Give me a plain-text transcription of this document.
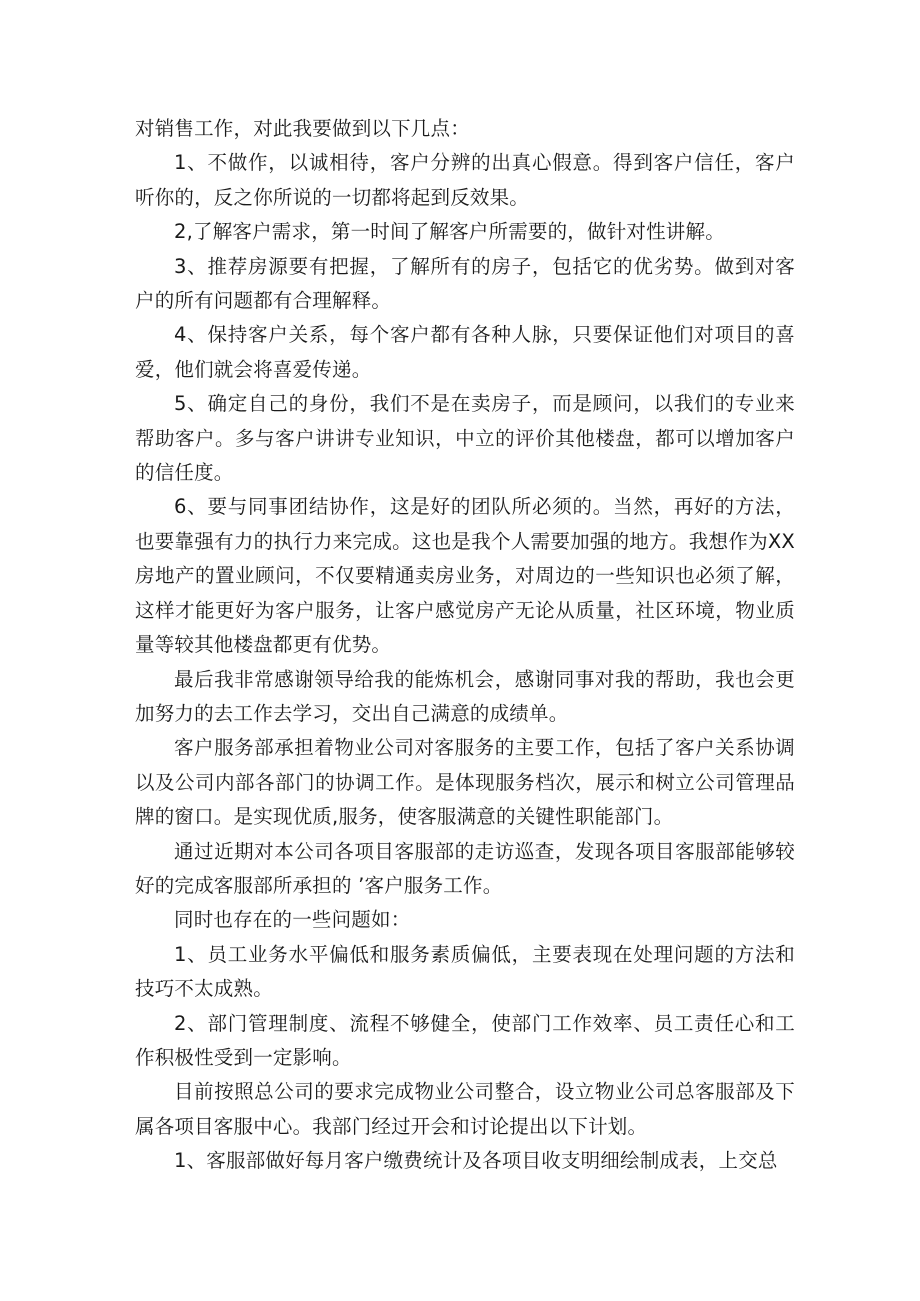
对销售工作，对此我要做到以下几点：

1、不做作，以诚相待，客户分辨的出真心假意。得到客户信任，客户听你的，反之你所说的一切都将起到反效果。

2,了解客户需求，第一时间了解客户所需要的，做针对性讲解。

3、推荐房源要有把握，了解所有的房子，包括它的优劣势。做到对客户的所有问题都有合理解释。

4、保持客户关系，每个客户都有各种人脉，只要保证他们对项目的喜爱，他们就会将喜爱传递。

5、确定自己的身份，我们不是在卖房子，而是顾问，以我们的专业来帮助客户。多与客户讲讲专业知识，中立的评价其他楼盘，都可以增加客户的信任度。

6、要与同事团结协作，这是好的团队所必须的。当然，再好的方法，也要靠强有力的执行力来完成。这也是我个人需要加强的地方。我想作为XX房地产的置业顾问，不仅要精通卖房业务，对周边的一些知识也必须了解，这样才能更好为客户服务，让客户感觉房产无论从质量，社区环境，物业质量等较其他楼盘都更有优势。

最后我非常感谢领导给我的能炼机会，感谢同事对我的帮助，我也会更加努力的去工作去学习，交出自己满意的成绩单。

客户服务部承担着物业公司对客服务的主要工作，包括了客户关系协调以及公司内部各部门的协调工作。是体现服务档次，展示和树立公司管理品牌的窗口。是实现优质,服务，使客服满意的关键性职能部门。

通过近期对本公司各项目客服部的走访巡查，发现各项目客服部能够较好的完成客服部所承担的 ’客户服务工作。

同时也存在的一些问题如：

1、员工业务水平偏低和服务素质偏低，主要表现在处理问题的方法和技巧不太成熟。

2、部门管理制度、流程不够健全，使部门工作效率、员工责任心和工作积极性受到一定影响。

目前按照总公司的要求完成物业公司整合，设立物业公司总客服部及下属各项目客服中心。我部门经过开会和讨论提出以下计划。

1、客服部做好每月客户缴费统计及各项目收支明细绘制成表，上交总
